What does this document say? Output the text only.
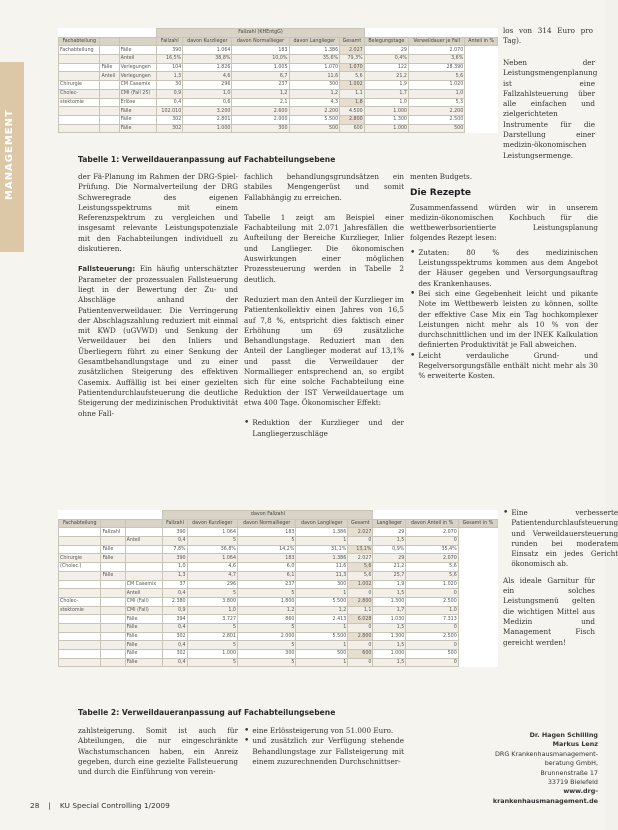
MANAGEMENT
			Fallzahl (KHEntgG)							
Fachabteilung			Fallzahl	davon Kurzlieger	davon Normallieger	davon Langlieger	Gesamt	Belegungstage	Verweildauer je Fall	Anteil in %
Fachabteilung		Fälle	390	1.064	183	1.386	2.027	29	2.070	
		Anteil	16,5%	38,8%	10,0%	35,6%	79,3%	0,4%	3,6%	
	Fälle	Verlegungen	104	1.826	1.005	1.070	1.070	122	28.390	
	Anteil	Verlegungen	1,3	4,6	6,7	11,6	5,6	21,2	5,6	
Chirurgie		CM Casemix	30	296	237	300	1.002	1,9	1.020	
Cholec-		CMI (Fall 25)	0,9	1,0	1,2	1,2	1,1	1,7	1,0	
stektomie		Erlöse	0,4	0,6	2,1	4,3	1,8	1,0	5,3	
		Fälle	102.010	3.200	2.600	2.200	4.500	1.000	2.200	
		Fälle	302	2.801	2.000	5.500	2.800	1.300	2.500	
		Fälle	302	1.000	300	500	600	1.000	500	
Tabelle 1: Verweildaueranpassung auf Fachabteilungsebene
los von 314 Euro pro Tag).
Neben der Leistungsmengenplanung ist eine Fallzahlsteuerung über alle einfachen und zielgerichteten Instrumente für die Darstellung einer medizin-ökonomischen Leistungsermenge.

der Fä-Planung im Rahmen der DRG-Spiel-Prüfung. Die Normalverteilung der DRG Schweregrade des eigenen Leistungsspektrums mit einem Referenzspektrum zu vergleichen und insgesamt relevante Leistungspotenziale mit den Fachabteilungen individuell zu diskutieren.

Fallsteuerung: Ein häufig unterschätzter Parameter der prozessualen Fallsteuerung liegt in der Bewertung der Zu- und Abschläge anhand der Patientenverweildauer. Die Verringerung der Abschlagszahlung reduziert mit einmal mit KWD (uGVWD) und Senkung der Verweildauer bei den Inliers und Überliegern führt zu einer Senkung der Gesamtbehandlungstage und zu einer zusätzlichen Steigerung des effektiven Casemix. Auffällig ist bei einer gezielten Patientendurchlaufsteuerung die deutliche Steigerung der medizinischen Produktivität ohne Fall-

fachlich behandlungsgrundsätzen ein stabiles Mengengerüst und somit Fallabhängig zu erreichen.

Tabelle 1 zeigt am Beispiel einer Fachabteilung mit 2.071 Jahresfällen die Aufteilung der Bereiche Kurzlieger, Inlier und Langlieger. Die ökonomischen Auswirkungen einer möglichen Prozessteuerung werden in Tabelle 2 deutlich.

Reduziert man den Anteil der Kurzlieger im Patientenkollektiv einen Jahres von 16,5 auf 7,8 %, entspricht dies faktisch einer Erhöhung um 69 zusätzliche Behandlungstage. Reduziert man den Anteil der Langlieger moderat auf 13,1% und passt die Verweildauer der Normallieger entsprechend an, so ergibt sich für eine solche Fachabteilung eine Reduktion der IST Verweildauertage um etwa 400 Tage. Ökonomischer Effekt:

• Reduktion der Kurzlieger und der Langliegerzuschläge

menten Budgets.

Die Rezepte

Zusammenfassend würden wir in unserem medizin-ökonomischen Kochbuch für die wettbewerbsorientierte Leistungsplanung folgendes Rezept lesen:

• Zutaten: 80 % des medizinischen Leistungsspektrums kommen aus dem Angebot der Häuser gegeben und Versorgungsauftrag des Krankenhauses.
• Bei sich eine Gegebenheit leicht und pikante Note im Wettbewerb leisten zu können, sollte der effektive Case Mix ein Tag hochkomplexer Leistungen nicht mehr als 10 % von der durchschnittlichen und im der INEK Kalkulation definierten Produktivität je Fall abweichen.
• Leicht verdauliche Grund- und Regelversorgungsfälle enthält nicht mehr als 30 % erweiterte Kosten.
			davon Fallzahl							
Fachabteilung			Fallzahl	davon Kurzlieger	davon Normallieger	davon Langlieger	Gesamt	Langlieger	davon Anteil in %	Gesamt in %
	Fallzahl		390	1.064	183	1.386	2.027	29	2.070	
		Anteil	0,4	5	5	1	0	1,5	0	
	Fälle		7,8%	36,8%	14,2%	31,1%	13,1%	0,9%	35,4%	
Chirurgie	Fälle		390	1.064	183	1.386	2.027	29	2.070	
(Cholec.)			1,0	4,6	6,0	11,6	5,6	21,2	5,6	
	Fälle		1,3	4,7	6,1	11,3	5,6	25,7	5,6	
		CM Casemix	37	296	237	300	1.002	1,9	1.020	
		Anteil	0,4	5	5	1	0	1,5	0	
Cholec-		CMI (Fall)	2.380	3.800	1.800	5.500	2.800	1.300	2.500	
stektomie		CMI (Fall)	0,9	1,0	1,2	1,2	1,1	1,7	1,0	
		Fälle	394	3.727	860	2.413	6.028	1.030	7.313	
		Fälle	0,4	5	5	1	0	1,5	0	
		Fälle	302	2.801	2.000	5.500	2.800	1.300	2.500	
		Fälle	0,4	5	5	1	0	1,5	0	
		Fälle	302	1.000	300	500	600	1.000	500	
		Fälle	0,4	5	5	1	0	1,5	0	
Tabelle 2: Verweildaueranpassung auf Fachabteilungsebene
• Eine verbesserte Patientendurchlaufsteuerung und Verweildauersteuerung runden bei moderatem Einsatz ein jedes Gericht ökonomisch ab.

Als ideale Garnitur für ein solches Leistungsmenü gelten die wichtigen Mittel aus Medizin und Management Fisch gereicht werden!

zahlsteigerung. Somit ist auch für Abteilungen, die nur eingeschränkte Wachstumschancen haben, ein Anreiz gegeben, durch eine gezielte Fallsteuerung und durch die Einführung von verein-
• eine Erlössteigerung von 51.000 Euro.
• und zusätzlich zur Verfügung stehende Behandlungstage zur Fallsteigerung mit einem zuzurechnenden Durchschnittser-
Dr. Hagen Schilling
Markus Lenz
DRG Krankenhausmanagement-
beratung GmbH,
Brunnenstraße 17
33719 Bielefeld
www.drg-krankenhausmanagement.de
28 | KU Special Controlling 1/2009
